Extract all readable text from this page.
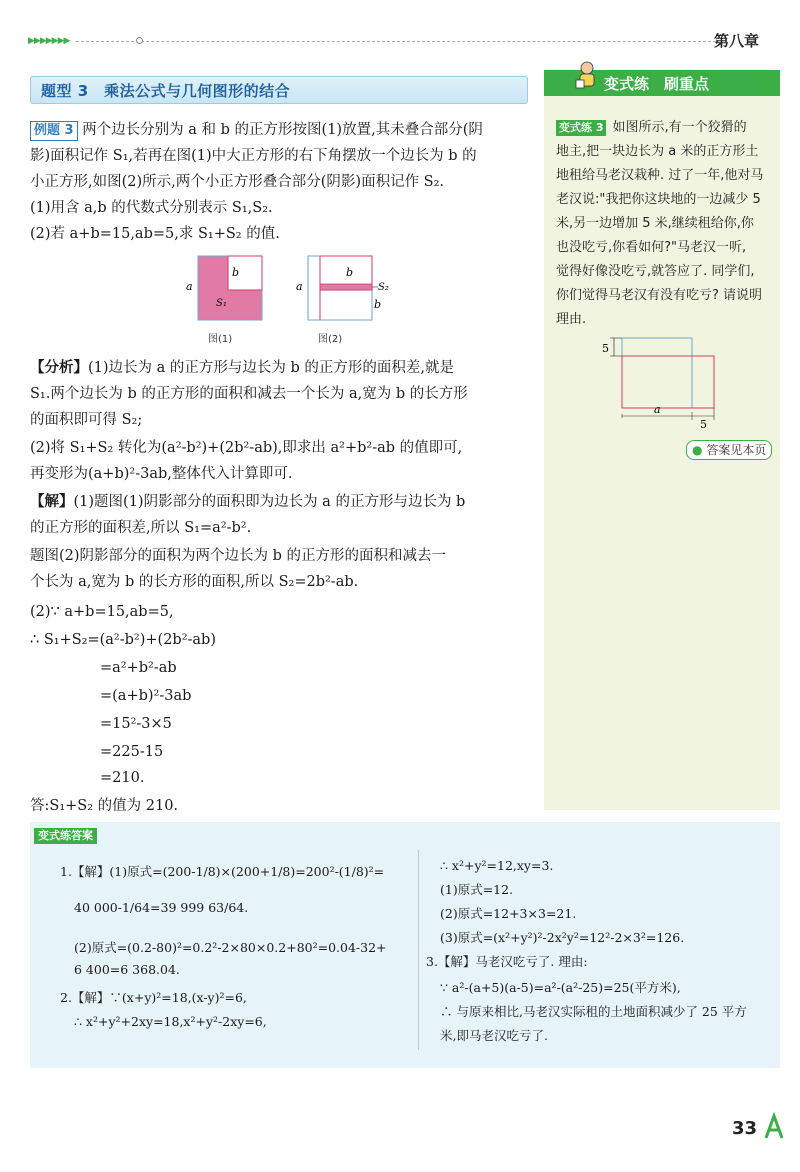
▶▶▶▶▶▶▶	第八章
题型 3　乘法公式与几何图形的结合
例题 3 两个边长分别为 a 和 b 的正方形按图(1)放置,其未叠合部分(阴
影)面积记作 S₁,若再在图(1)中大正方形的右下角摆放一个边长为 b 的
小正方形,如图(2)所示,两个小正方形叠合部分(阴影)面积记作 S₂.
(1)用含 a,b 的代数式分别表示 S₁,S₂.
(2)若 a+b=15,ab=5,求 S₁+S₂ 的值.
a
b
S₁
图(1)
a
b
S₂
b
图(2)
【分析】(1)边长为 a 的正方形与边长为 b 的正方形的面积差,就是
S₁.两个边长为 b 的正方形的面积和减去一个长为 a,宽为 b 的长方形
的面积即可得 S₂;
(2)将 S₁+S₂ 转化为(a²-b²)+(2b²-ab),即求出 a²+b²-ab 的值即可,
再变形为(a+b)²-3ab,整体代入计算即可.
【解】(1)题图(1)阴影部分的面积即为边长为 a 的正方形与边长为 b
的正方形的面积差,所以 S₁=a²-b².
题图(2)阴影部分的面积为两个边长为 b 的正方形的面积和减去一
个长为 a,宽为 b 的长方形的面积,所以 S₂=2b²-ab.
(2)∵ a+b=15,ab=5,
∴ S₁+S₂=(a²-b²)+(2b²-ab)
=a²+b²-ab
=(a+b)²-3ab
=15²-3×5
=225-15
=210.
答:S₁+S₂ 的值为 210.
变式练　刷重点
变式练 3 如图所示,有一个狡猾的
地主,把一块边长为 a 米的正方形土
地租给马老汉栽种. 过了一年,他对马
老汉说:"我把你这块地的一边减少 5
米,另一边增加 5 米,继续租给你,你
也没吃亏,你看如何?"马老汉一听,
觉得好像没吃亏,就答应了. 同学们,
你们觉得马老汉有没有吃亏? 请说明
理由.
5
a
5
● 答案见本页
变式练答案
1.【解】(1)原式=(200-1/8)×(200+1/8)=200²-(1/8)²=
40 000-1/64=39 999 63/64.
(2)原式=(0.2-80)²=0.2²-2×80×0.2+80²=0.04-32+
6 400=6 368.04.
2.【解】∵(x+y)²=18,(x-y)²=6,
∴ x²+y²+2xy=18,x²+y²-2xy=6,
∴ x²+y²=12,xy=3.
(1)原式=12.
(2)原式=12+3×3=21.
(3)原式=(x²+y²)²-2x²y²=12²-2×3²=126.
3.【解】马老汉吃亏了. 理由:
∵ a²-(a+5)(a-5)=a²-(a²-25)=25(平方米),
∴ 与原来相比,马老汉实际租的土地面积减少了 25 平方
米,即马老汉吃亏了.
33
